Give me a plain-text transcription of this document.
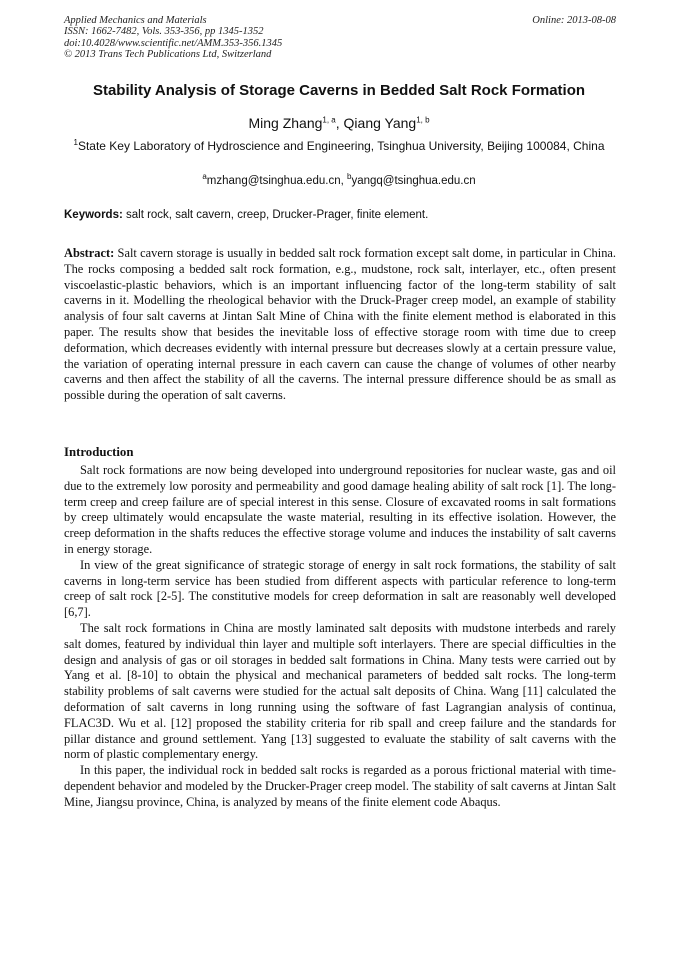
Applied Mechanics and Materials
ISSN: 1662-7482, Vols. 353-356, pp 1345-1352
doi:10.4028/www.scientific.net/AMM.353-356.1345
© 2013 Trans Tech Publications Ltd, Switzerland
Online: 2013-08-08
Stability Analysis of Storage Caverns in Bedded Salt Rock Formation
Ming Zhang$^{1, a}$, Qiang Yang$^{1, b}$
$^1$State Key Laboratory of Hydroscience and Engineering, Tsinghua University, Beijing 100084, China
$^a$mzhang@tsinghua.edu.cn, $^b$yangq@tsinghua.edu.cn
Keywords: salt rock, salt cavern, creep, Drucker-Prager, finite element.
Abstract: Salt cavern storage is usually in bedded salt rock formation except salt dome, in particular in China. The rocks composing a bedded salt rock formation, e.g., mudstone, rock salt, interlayer, etc., often present viscoelastic-plastic behaviors, which is an important influencing factor of the long-term stability of salt caverns in it. Modelling the rheological behavior with the Druck-Prager creep model, an example of stability analysis of four salt caverns at Jintan Salt Mine of China with the finite element method is elaborated in this paper. The results show that besides the inevitable loss of effective storage room with time due to creep deformation, which decreases evidently with internal pressure but decreases slowly at a certain pressure value, the variation of operating internal pressure in each cavern can cause the change of volumes of other nearby caverns and then affect the stability of all the caverns. The internal pressure difference should be as small as possible during the operation of salt caverns.
Introduction

Salt rock formations are now being developed into underground repositories for nuclear waste, gas and oil due to the extremely low porosity and permeability and good damage healing ability of salt rock [1]. The long-term creep and creep failure are of special interest in this sense. Closure of excavated rooms in salt formations by creep ultimately would encapsulate the waste material, resulting in its effective isolation. However, the creep deformation in the shafts reduces the effective storage volume and induces the instability of salt caverns in energy storage.

In view of the great significance of strategic storage of energy in salt rock formations, the stability of salt caverns in long-term service has been studied from different aspects with particular reference to long-term creep of salt rock [2-5]. The constitutive models for creep deformation in salt are reasonably well developed [6,7].

The salt rock formations in China are mostly laminated salt deposits with mudstone interbeds and rarely salt domes, featured by individual thin layer and multiple soft interlayers. There are special difficulties in the design and analysis of gas or oil storages in bedded salt formations in China. Many tests were carried out by Yang et al. [8-10] to obtain the physical and mechanical parameters of bedded salt rocks. The long-term stability problems of salt caverns were studied for the actual salt deposits of China. Wang [11] calculated the deformation of salt caverns in long running using the software of fast Lagrangian analysis of continua, FLAC3D. Wu et al. [12] proposed the stability criteria for rib spall and creep failure and the standards for pillar distance and ground settlement. Yang [13] suggested to evaluate the stability of salt caverns with the norm of plastic complementary energy.

In this paper, the individual rock in bedded salt rocks is regarded as a porous frictional material with time-dependent behavior and modeled by the Drucker-Prager creep model. The stability of salt caverns at Jintan Salt Mine, Jiangsu province, China, is analyzed by means of the finite element code Abaqus.
